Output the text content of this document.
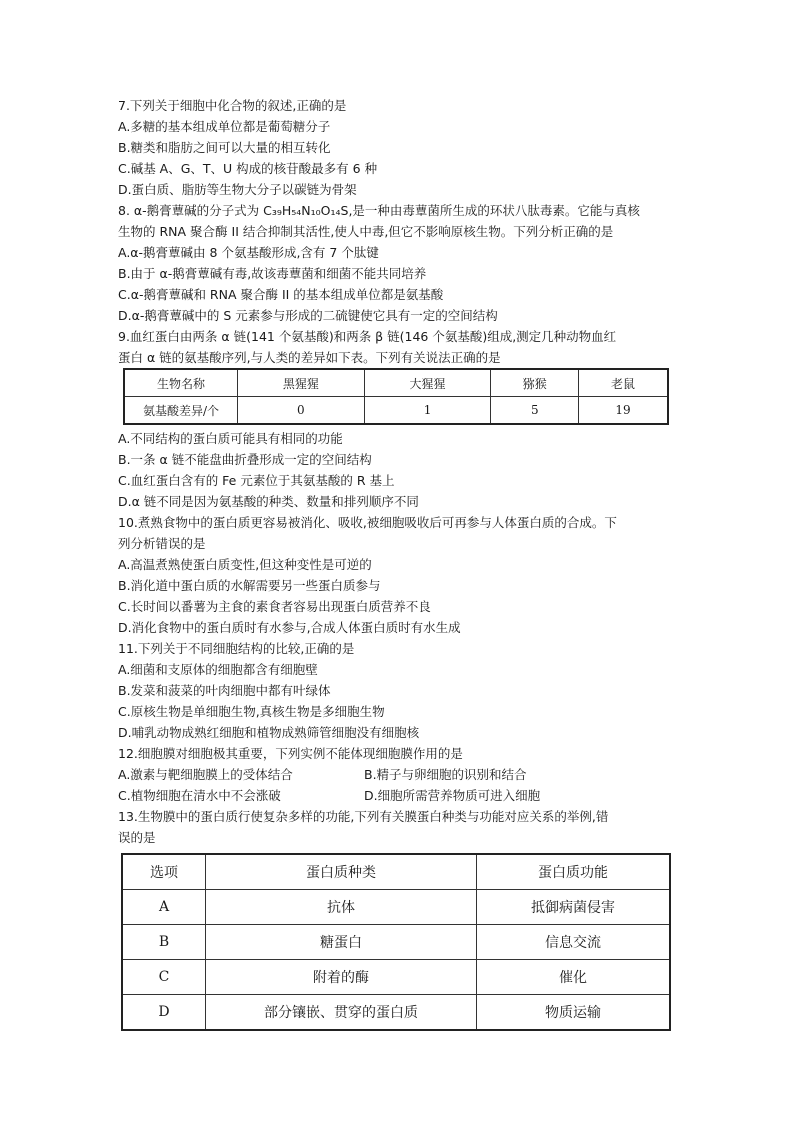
7.下列关于细胞中化合物的叙述,正确的是
A.多糖的基本组成单位都是葡萄糖分子
B.糖类和脂肪之间可以大量的相互转化
C.碱基 A、G、T、U 构成的核苷酸最多有 6 种
D.蛋白质、脂肪等生物大分子以碳链为骨架
8. α-鹅膏蕈碱的分子式为 C₃₉H₅₄N₁₀O₁₄S,是一种由毒蕈菌所生成的环状八肽毒素。它能与真核
生物的 RNA 聚合酶 II 结合抑制其活性,使人中毒,但它不影响原核生物。下列分析正确的是
A.α-鹅膏蕈碱由 8 个氨基酸形成,含有 7 个肽键
B.由于 α-鹅膏蕈碱有毒,故该毒蕈菌和细菌不能共同培养
C.α-鹅膏蕈碱和 RNA 聚合酶 II 的基本组成单位都是氨基酸
D.α-鹅膏蕈碱中的 S 元素参与形成的二硫键使它具有一定的空间结构
9.血红蛋白由两条 α 链(141 个氨基酸)和两条 β 链(146 个氨基酸)组成,测定几种动物血红
蛋白 α 链的氨基酸序列,与人类的差异如下表。下列有关说法正确的是
生物名称	黑猩猩	大猩猩	猕猴	老鼠
氨基酸差异/个	0	1	5	19
A.不同结构的蛋白质可能具有相同的功能
B.一条 α 链不能盘曲折叠形成一定的空间结构
C.血红蛋白含有的 Fe 元素位于其氨基酸的 R 基上
D.α 链不同是因为氨基酸的种类、数量和排列顺序不同
10.煮熟食物中的蛋白质更容易被消化、吸收,被细胞吸收后可再参与人体蛋白质的合成。下
列分析错误的是
A.高温煮熟使蛋白质变性,但这种变性是可逆的
B.消化道中蛋白质的水解需要另一些蛋白质参与
C.长时间以番薯为主食的素食者容易出现蛋白质营养不良
D.消化食物中的蛋白质时有水参与,合成人体蛋白质时有水生成
11.下列关于不同细胞结构的比较,正确的是
A.细菌和支原体的细胞都含有细胞壁
B.发菜和菠菜的叶肉细胞中都有叶绿体
C.原核生物是单细胞生物,真核生物是多细胞生物
D.哺乳动物成熟红细胞和植物成熟筛管细胞没有细胞核
12.细胞膜对细胞极其重要，下列实例不能体现细胞膜作用的是
A.激素与靶细胞膜上的受体结合	B.精子与卵细胞的识别和结合
C.植物细胞在清水中不会涨破	D.细胞所需营养物质可进入细胞
13.生物膜中的蛋白质行使复杂多样的功能,下列有关膜蛋白种类与功能对应关系的举例,错
误的是
选项	蛋白质种类	蛋白质功能
A	抗体	抵御病菌侵害
B	糖蛋白	信息交流
C	附着的酶	催化
D	部分镶嵌、贯穿的蛋白质	物质运输
